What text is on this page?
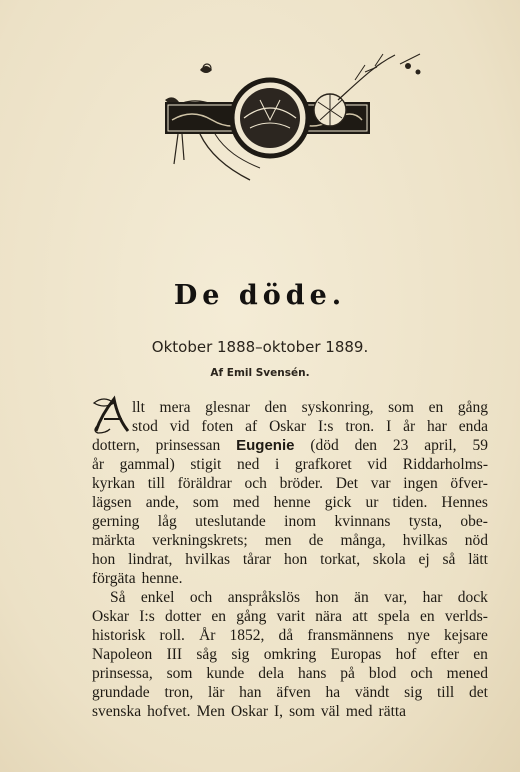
De döde.
Oktober 1888–oktober 1889.
Af Emil Svensén.
llt mera glesnar den syskonring, som en gång
stod vid foten af Oskar I:s tron. I år har enda
dottern, prinsessan Eugenie (död den 23 april, 59
år gammal) stigit ned i grafkoret vid Riddarholms-
kyrkan till föräldrar och bröder. Det var ingen öfver-
lägsen ande, som med henne gick ur tiden. Hennes
gerning låg uteslutande inom kvinnans tysta, obe-
märkta verkningskrets; men de många, hvilkas nöd
hon lindrat, hvilkas tårar hon torkat, skola ej så lätt
förgäta henne.
Så enkel och anspråkslös hon än var, har dock
Oskar I:s dotter en gång varit nära att spela en verlds-
historisk roll. År 1852, då fransmännens nye kejsare
Napoleon III såg sig omkring Europas hof efter en
prinsessa, som kunde dela hans på blod och mened
grundade tron, lär han äfven ha vändt sig till det
svenska hofvet. Men Oskar I, som väl med rätta
